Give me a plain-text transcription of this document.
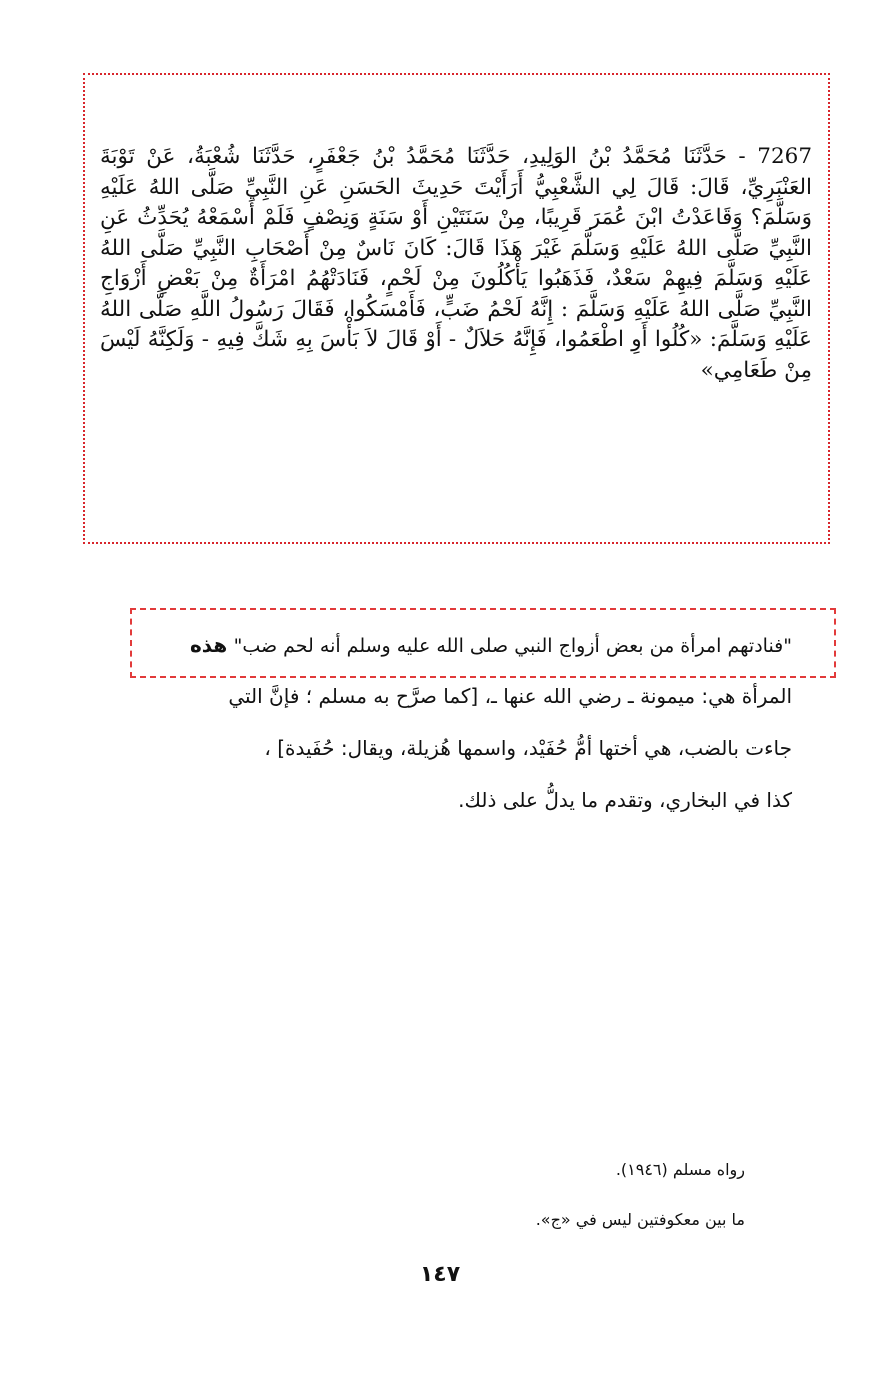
7267 - حَدَّثَنَا مُحَمَّدُ بْنُ الوَلِيدِ، حَدَّثَنَا مُحَمَّدُ بْنُ جَعْفَرٍ، حَدَّثَنَا شُعْبَةُ، عَنْ تَوْبَةَ العَنْبَرِيِّ، قَالَ: قَالَ لِي الشَّعْبِيُّ أَرَأَيْتَ حَدِيثَ الحَسَنِ عَنِ النَّبِيِّ صَلَّى اللهُ عَلَيْهِ وَسَلَّمَ؟ وَقَاعَدْتُ ابْنَ عُمَرَ قَرِيبًا، مِنْ سَنَتَيْنِ أَوْ سَنَةٍ وَنِصْفٍ فَلَمْ أَسْمَعْهُ يُحَدِّثُ عَنِ النَّبِيِّ صَلَّى اللهُ عَلَيْهِ وَسَلَّمَ غَيْرَ هَذَا قَالَ: كَانَ نَاسٌ مِنْ أَصْحَابِ النَّبِيِّ صَلَّى اللهُ عَلَيْهِ وَسَلَّمَ فِيهِمْ سَعْدٌ، فَذَهَبُوا يَأْكُلُونَ مِنْ لَحْمٍ، فَنَادَتْهُمُ امْرَأَةٌ مِنْ بَعْضِ أَزْوَاجِ النَّبِيِّ صَلَّى اللهُ عَلَيْهِ وَسَلَّمَ : إِنَّهُ لَحْمُ ضَبٍّ، فَأَمْسَكُوا، فَقَالَ رَسُولُ اللَّهِ صَلَّى اللهُ عَلَيْهِ وَسَلَّمَ: «كُلُوا أَوِ اطْعَمُوا، فَإِنَّهُ حَلاَلٌ - أَوْ قَالَ لاَ بَأْسَ بِهِ شَكَّ فِيهِ - وَلَكِنَّهُ لَيْسَ مِنْ طَعَامِي»
"فنادتهم امرأة من بعض أزواج النبي صلى الله عليه وسلم أنه لحم ضب" هذه
المرأة هي: ميمونة ـ رضي الله عنها ـ، [كما صرَّح به مسلم ؛ فإنَّ التي
جاءت بالضب، هي أختها أمُّ حُفَيْد، واسمها هُزيلة، ويقال: حُفَيدة] ،
كذا في البخاري، وتقدم ما يدلُّ على ذلك.
رواه مسلم (١٩٤٦).
ما بين معكوفتين ليس في «ج».
١٤٧
